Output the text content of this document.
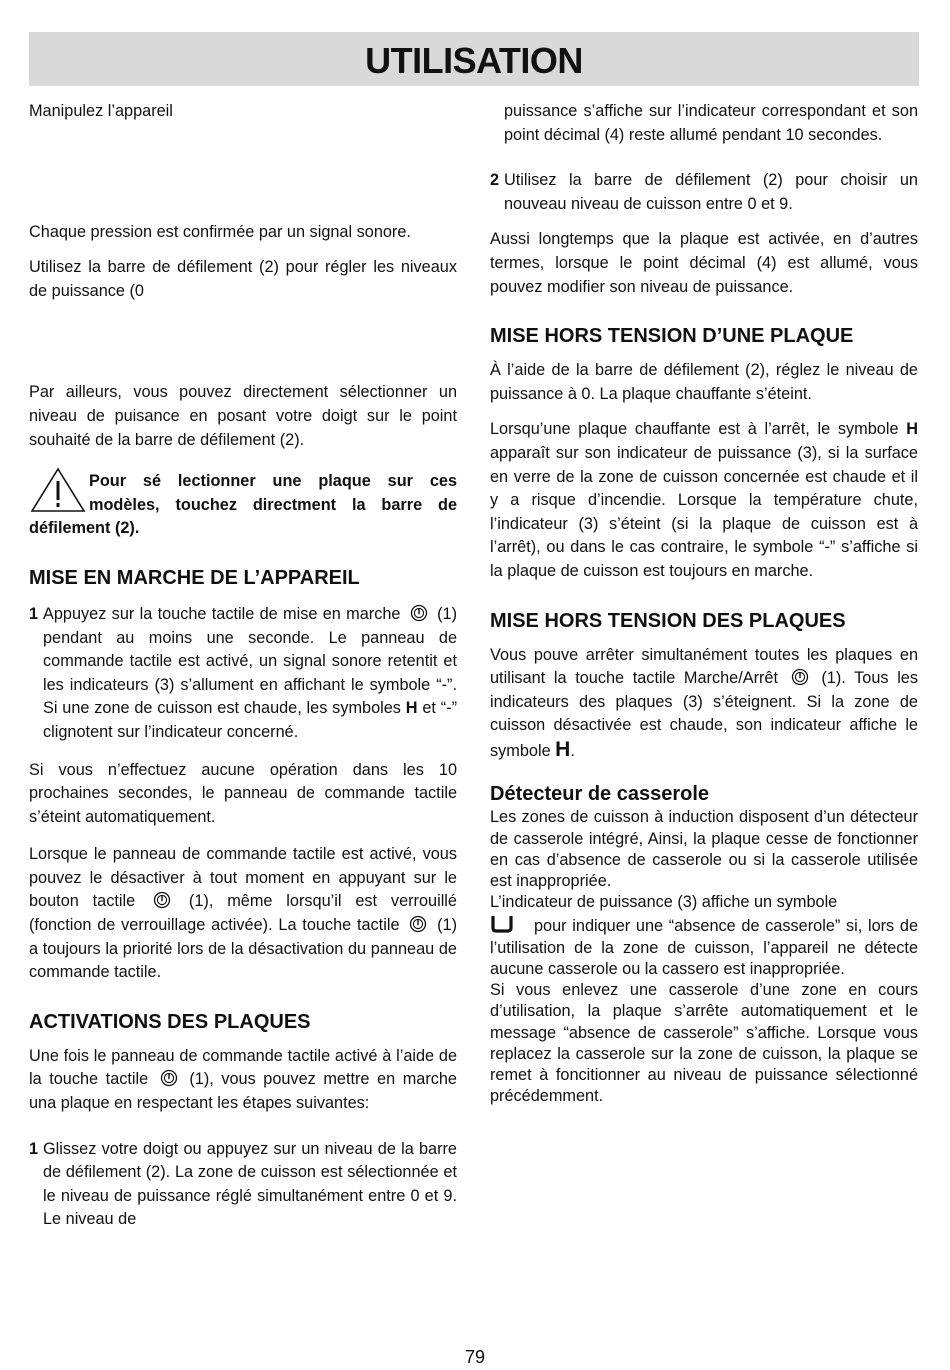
UTILISATION

Manipulez l’appareil

Chaque pression est confirmée par un signal sonore.

Utilisez la barre de défilement (2) pour régler les niveaux de puissance (0

Par ailleurs, vous pouvez directement sélectionner un niveau de puisance en posant votre doigt sur le point souhaité de la barre de défilement (2).

Pour sé lectionner une plaque sur ces modèles, touchez directment la barre de défilement (2).
MISE EN MARCHE DE L’APPAREIL
1 Appuyez sur la touche tactile de mise en marche (1) pendant au moins une seconde. Le panneau de commande tactile est activé, un signal sonore retentit et les indicateurs (3) s’allument en affichant le symbole “-”. Si une zone de cuisson est chaude, les symboles H et “-” clignotent sur l’indicateur concerné.

Si vous n’effectuez aucune opération dans les 10 prochaines secondes, le panneau de commande tactile s’éteint automatiquement.

Lorsque le panneau de commande tactile est activé, vous pouvez le désactiver à tout moment en appuyant sur le bouton tactile	(1), même lorsqu’il est verrouillé (fonction de verrouillage activée). La touche tactile (1) a toujours la priorité lors de la désactivation du panneau de commande tactile.

ACTIVATIONS DES PLAQUES

Une fois le panneau de commande tactile activé à l’aide de la touche tactile	(1), vous pouvez mettre en marche una plaque en respectant les étapes suivantes:

1 Glissez votre doigt ou appuyez sur un niveau de la barre de défilement (2). La zone de cuisson est sélectionnée et le niveau de puissance réglé simultanément entre 0 et 9. Le niveau de

puissance s’affiche sur l’indicateur correspondant et son point décimal (4) reste allumé pendant 10 secondes.

2 Utilisez la barre de défilement (2) pour choisir un nouveau niveau de cuisson entre 0 et 9.

Aussi longtemps que la plaque est activée, en d’autres termes, lorsque le point décimal (4) est allumé, vous pouvez modifier son niveau de puissance.

MISE HORS TENSION D’UNE PLAQUE

À l’aide de la barre de défilement (2), réglez le niveau de puissance à 0. La plaque chauffante s’éteint.

Lorsqu’une plaque chauffante est à l’arrêt, le symbole H apparaît sur son indicateur de puissance (3), si la surface en verre de la zone de cuisson concernée est chaude et il y a risque d’incendie. Lorsque la température chute, l’indicateur (3) s’éteint (si la plaque de cuisson est à l’arrêt), ou dans le cas contraire, le symbole “-” s’affiche si la plaque de cuisson est toujours en marche.

MISE HORS TENSION DES PLAQUES

Vous pouve arrêter simultanément toutes les plaques en utilisant la touche tactile Marche/Arrêt	(1). Tous les indicateurs des plaques (3) s’éteignent. Si la zone de cuisson désactivée est chaude, son indicateur affiche le symbole H.

Détecteur de casserole

Les zones de cuisson à induction disposent d’un détecteur de casserole intégré, Ainsi, la plaque cesse de fonctionner en cas d’absence de casserole ou si la casserole utilisée est inappropriée.

L’indicateur de puissance (3) affiche un symbole

pour indiquer une “absence de casserole” si, lors de l’utilisation de la zone de cuisson, l’appareil ne détecte aucune casserole ou la cassero est inappropriée.

Si vous enlevez une casserole d’une zone en cours d’utilisation, la plaque s’arrête automatiquement et le message “absence de casserole” s’affiche. Lorsque vous replacez la casserole sur la zone de cuisson, la plaque se remet à foncitionner au niveau de puissance sélectionné précédemment.

79
